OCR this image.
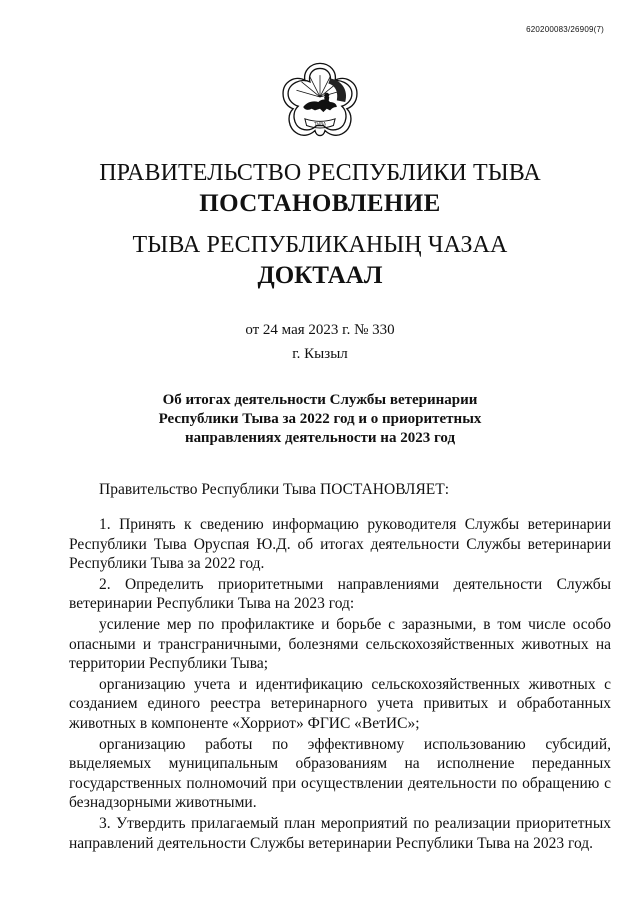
620200083/26909(7)
ТЫВА
ПРАВИТЕЛЬСТВО РЕСПУБЛИКИ ТЫВА
ПОСТАНОВЛЕНИЕ
ТЫВА РЕСПУБЛИКАНЫҢ ЧАЗАА
ДОКТААЛ
от 24 мая 2023 г. № 330
г. Кызыл
Об итогах деятельности Службы ветеринарии
Республики Тыва за 2022 год и о приоритетных
направлениях деятельности на 2023 год
Правительство Республики Тыва ПОСТАНОВЛЯЕТ:

1. Принять к сведению информацию руководителя Службы ветеринарии Республики Тыва Оруспая Ю.Д. об итогах деятельности Службы ветеринарии Республики Тыва за 2022 год.

2. Определить приоритетными направлениями деятельности Службы ветеринарии Республики Тыва на 2023 год:

усиление мер по профилактике и борьбе с заразными, в том числе особо опасными и трансграничными, болезнями сельскохозяйственных животных на территории Республики Тыва;

организацию учета и идентификацию сельскохозяйственных животных с созданием единого реестра ветеринарного учета привитых и обработанных животных в компоненте «Хорриот» ФГИС «ВетИС»;

организацию работы по эффективному использованию субсидий, выделяемых муниципальным образованиям на исполнение переданных государственных полномочий при осуществлении деятельности по обращению с безнадзорными животными.

3. Утвердить прилагаемый план мероприятий по реализации приоритетных направлений деятельности Службы ветеринарии Республики Тыва на 2023 год.
